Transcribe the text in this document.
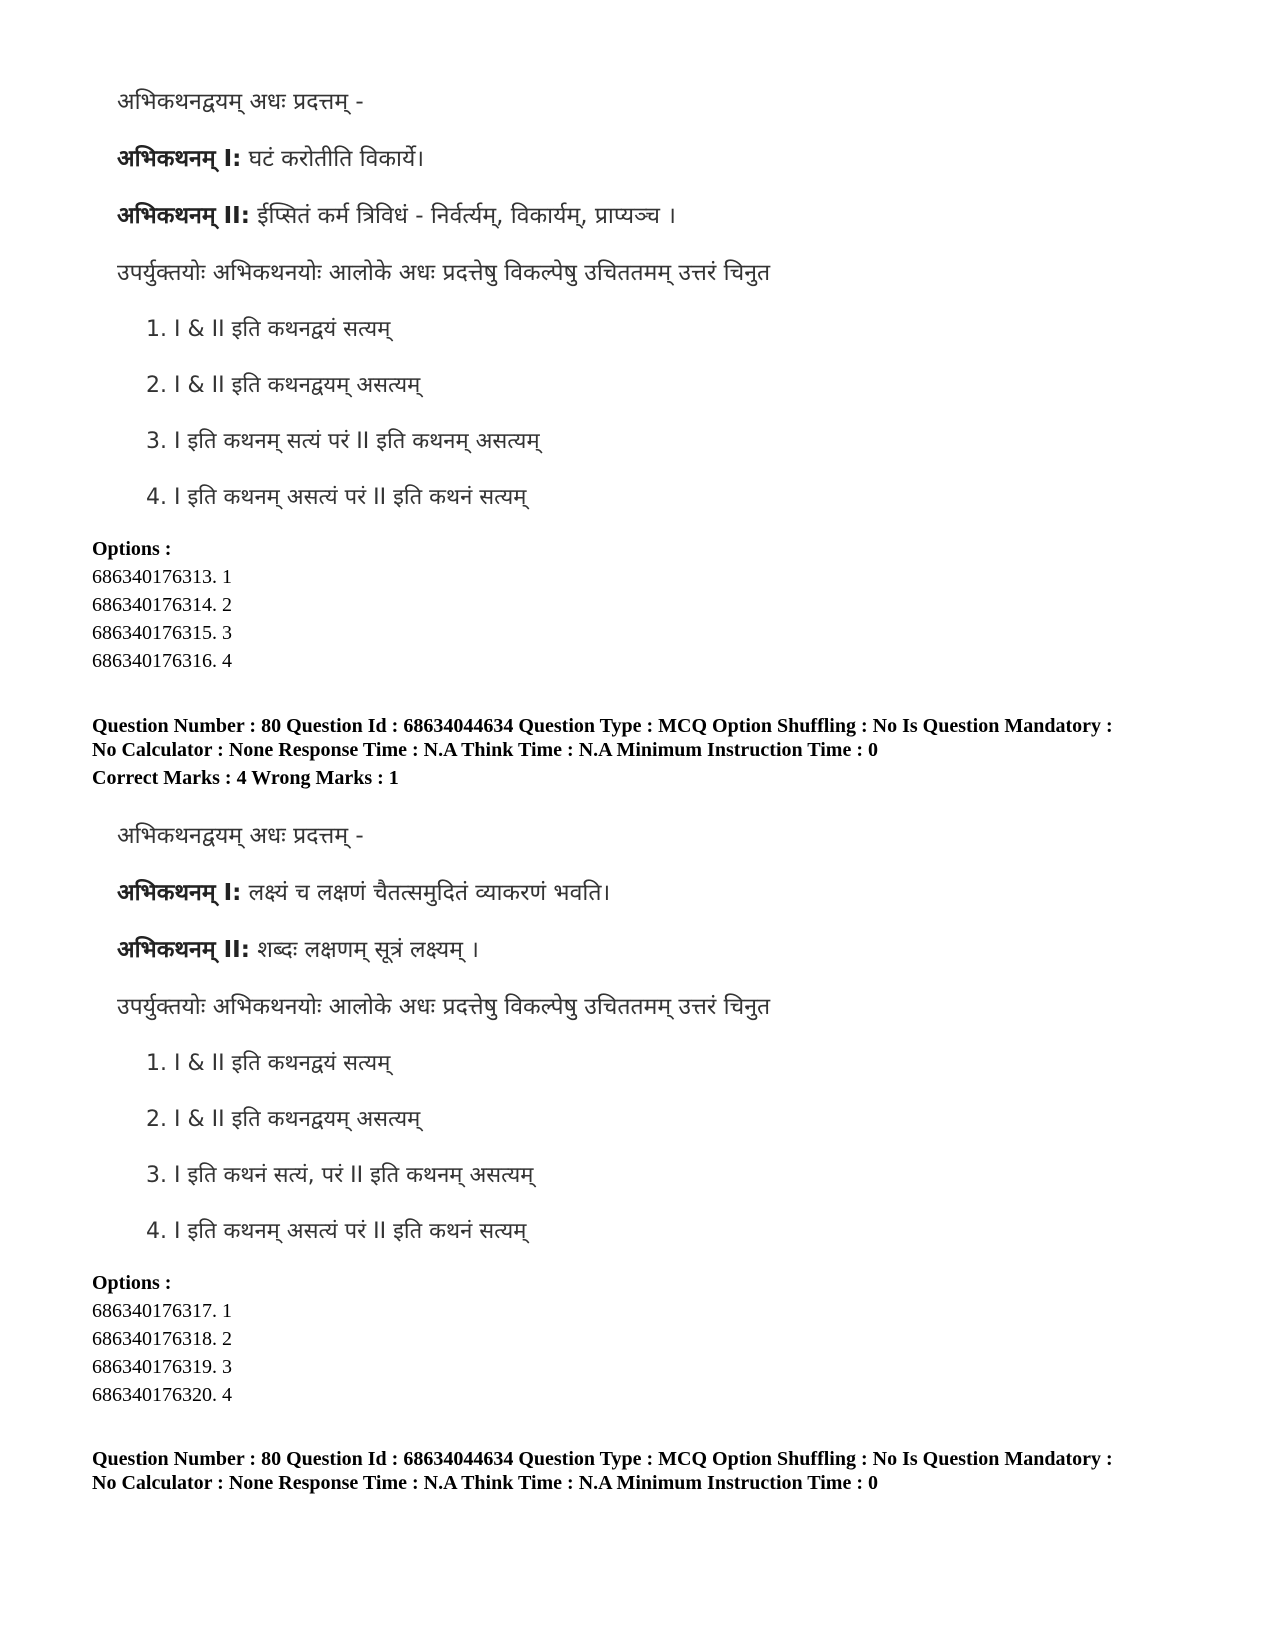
अभिकथनद्वयम् अधः प्रदत्तम् -
अभिकथनम् I: घटं करोतीति विकार्ये।
अभिकथनम् II: ईप्सितं कर्म त्रिविधं - निर्वर्त्यम्, विकार्यम्, प्राप्यञ्च ।
उपर्युक्तयोः अभिकथनयोः आलोके अधः प्रदत्तेषु विकल्पेषु उचिततमम् उत्तरं चिनुत
1. I & II इति कथनद्वयं सत्यम्
2. I & II इति कथनद्वयम् असत्यम्
3. I इति कथनम् सत्यं परं II इति कथनम् असत्यम्
4. I इति कथनम् असत्यं परं II इति कथनं सत्यम्
Options :
686340176313. 1
686340176314. 2
686340176315. 3
686340176316. 4
Question Number : 80 Question Id : 68634044634 Question Type : MCQ Option Shuffling : No Is Question Mandatory :
No Calculator : None Response Time : N.A Think Time : N.A Minimum Instruction Time : 0
Correct Marks : 4 Wrong Marks : 1
अभिकथनद्वयम् अधः प्रदत्तम् -
अभिकथनम् I: लक्ष्यं च लक्षणं चैतत्समुदितं व्याकरणं भवति।
अभिकथनम् II: शब्दः लक्षणम् सूत्रं लक्ष्यम् ।
उपर्युक्तयोः अभिकथनयोः आलोके अधः प्रदत्तेषु विकल्पेषु उचिततमम् उत्तरं चिनुत
1. I & II इति कथनद्वयं सत्यम्
2. I & II इति कथनद्वयम् असत्यम्
3. I इति कथनं सत्यं, परं II इति कथनम् असत्यम्
4. I इति कथनम् असत्यं परं II इति कथनं सत्यम्
Options :
686340176317. 1
686340176318. 2
686340176319. 3
686340176320. 4
Question Number : 80 Question Id : 68634044634 Question Type : MCQ Option Shuffling : No Is Question Mandatory :
No Calculator : None Response Time : N.A Think Time : N.A Minimum Instruction Time : 0
